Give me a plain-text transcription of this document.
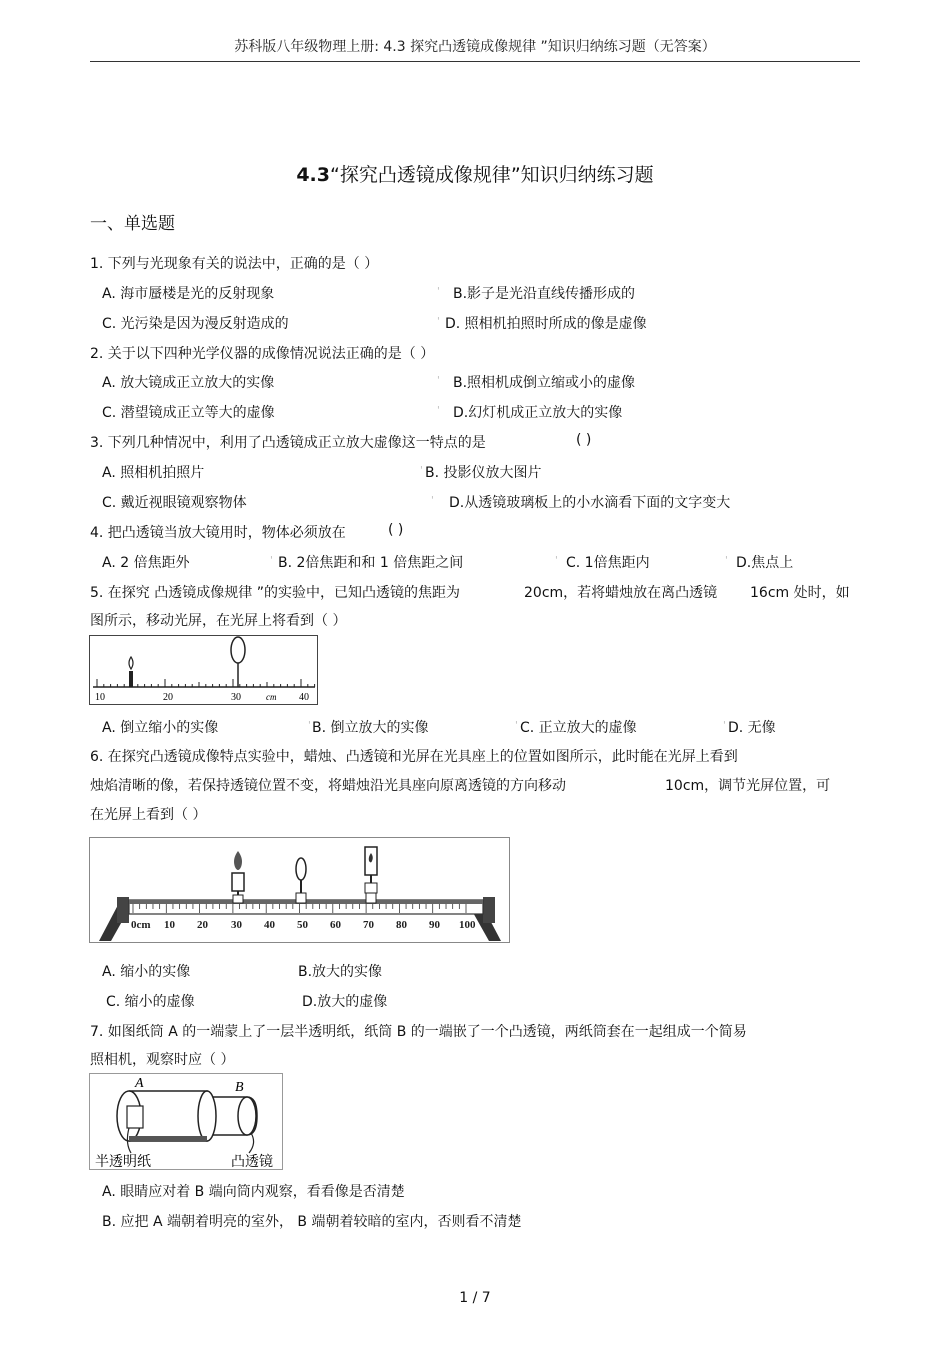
苏科版八年级物理上册: 4.3 探究凸透镜成像规律 ”知识归纳练习题（无答案）
4.3“探究凸透镜成像规律”知识归纳练习题
一、单选题
1. 下列与光现象有关的说法中，正确的是（ ）
A. 海市蜃楼是光的反射现象	' B.影子是光沿直线传播形成的
C. 光污染是因为漫反射造成的	' D. 照相机拍照时所成的像是虚像
2. 关于以下四种光学仪器的成像情况说法正确的是（ ）
A. 放大镜成正立放大的实像	' B.照相机成倒立缩或小的虚像
C. 潜望镜成正立等大的虚像	' D.幻灯机成正立放大的实像
3. 下列几种情况中，利用了凸透镜成正立放大虚像这一特点的是	( )
A. 照相机拍照片	' B. 投影仪放大图片
C. 戴近视眼镜观察物体	' D.从透镜玻璃板上的小水滴看下面的文字变大
4. 把凸透镜当放大镜用时，物体必须放在	( )
A. 2 倍焦距外	' B. 2倍焦距和和 1 倍焦距之间	' C. 1倍焦距内	' D.焦点上
5. 在探究 凸透镜成像规律 ”的实验中，已知凸透镜的焦距为	20cm，若将蜡烛放在离凸透镜 16cm 处时，如
图所示，移动光屏，在光屏上将看到（ ）
10	20	30	cm 40
A. 倒立缩小的实像	' B. 倒立放大的实像	' C. 正立放大的虚像	' D. 无像
6. 在探究凸透镜成像特点实验中，蜡烛、凸透镜和光屏在光具座上的位置如图所示，此时能在光屏上看到
烛焰清晰的像，若保持透镜位置不变，将蜡烛沿光具座向原离透镜的方向移动	10cm，调节光屏位置，可
在光屏上看到（ ）
0cm 10 20 30 40 50 60 70 80 90 100
A. 缩小的实像	B.放大的实像
C. 缩小的虚像	D.放大的虚像
7. 如图纸筒 A 的一端蒙上了一层半透明纸，纸筒 B 的一端嵌了一个凸透镜，两纸筒套在一起组成一个简易
照相机，观察时应（ ）
A	B
半透明纸	凸透镜
A. 眼睛应对着 B 端向筒内观察，看看像是否清楚
B. 应把 A 端朝着明亮的室外， B 端朝着较暗的室内，否则看不清楚
1 / 7
